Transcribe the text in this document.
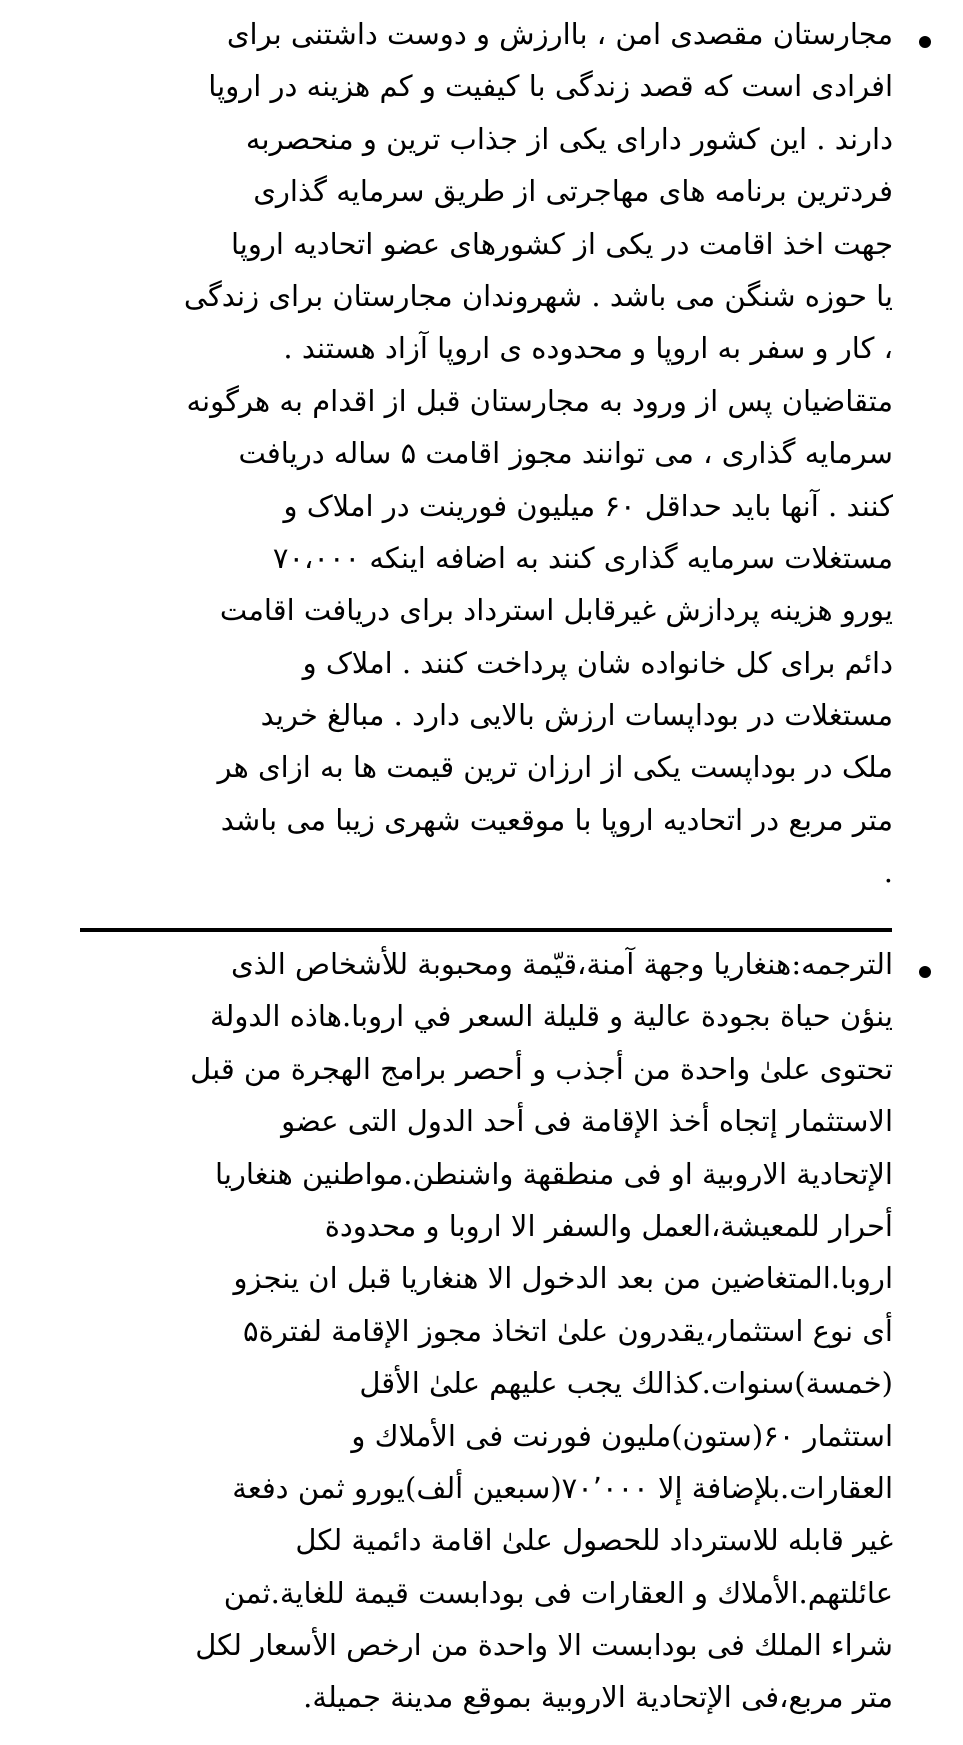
مجارستان مقصدی امن ، باارزش و دوست داشتنی برای
افرادی است که قصد زندگی با کیفیت و کم هزینه در اروپا
دارند . این کشور دارای یکی از جذاب ترین و منحصربه
فردترین برنامه های مهاجرتی از طریق سرمایه گذاری
جهت اخذ اقامت در یکی از کشورهای عضو اتحادیه اروپا
یا حوزه شنگن می باشد . شهروندان مجارستان برای زندگی
، کار و سفر به اروپا و محدوده ی اروپا آزاد هستند .
متقاضیان پس از ورود به مجارستان قبل از اقدام به هرگونه
سرمایه گذاری ، می توانند مجوز اقامت ۵ ساله دریافت
کنند . آنها باید حداقل ۶۰ میلیون فورینت در املاک و
مستغلات سرمایه گذاری کنند به اضافه اینکه ۷۰،۰۰۰
یورو هزینه پردازش غیرقابل استرداد برای دریافت اقامت
دائم برای کل خانواده شان پرداخت کنند . املاک و
مستغلات در بوداپسات ارزش بالایی دارد . مبالغ خرید
ملک در بوداپست یکی از ارزان ترین قیمت ها به ازای هر
متر مربع در اتحادیه اروپا با موقعیت شهری زیبا می باشد
.
الترجمه:هنغاريا وجهة آمنة،قيّمة ومحبوبة للأشخاص الذی
ينؤن حياة بجودة عالية و قليلة السعر في اروبا.هاذه الدولة
تحتوی علیٰ واحدة من أجذب و أحصر برامج الهجرة من قبل
الاستثمار إتجاه أخذ الإقامة فی أحد الدول التی عضو
الإتحادية الاروبية او فی منطقهة واشنطن.مواطنين هنغاريا
أحرار للمعيشة،العمل والسفر الا اروبا و محدودة
اروبا.المتغاضين من بعد الدخول الا هنغاريا قبل ان ينجزو
أی نوع استثمار،يقدرون علیٰ اتخاذ مجوز الإقامة لفترة۵
(خمسة)سنوات.كذالك يجب عليهم علیٰ الأقل
استثمار ۶۰(ستون)مليون فورنت فی الأملاك و
العقارات.بلإضافة إلا ۷۰٬۰۰۰(سبعين ألف)يورو ثمن دفعة
غير قابله للاسترداد للحصول علیٰ اقامة دائمية لكل
عائلتهم.الأملاك و العقارات فی بودابست قيمة للغاية.ثمن
شراء الملك فی بودابست الا واحدة من ارخص الأسعار لكل
متر مربع،فی الإتحادية الاروبية بموقع مدينة جميلة.
